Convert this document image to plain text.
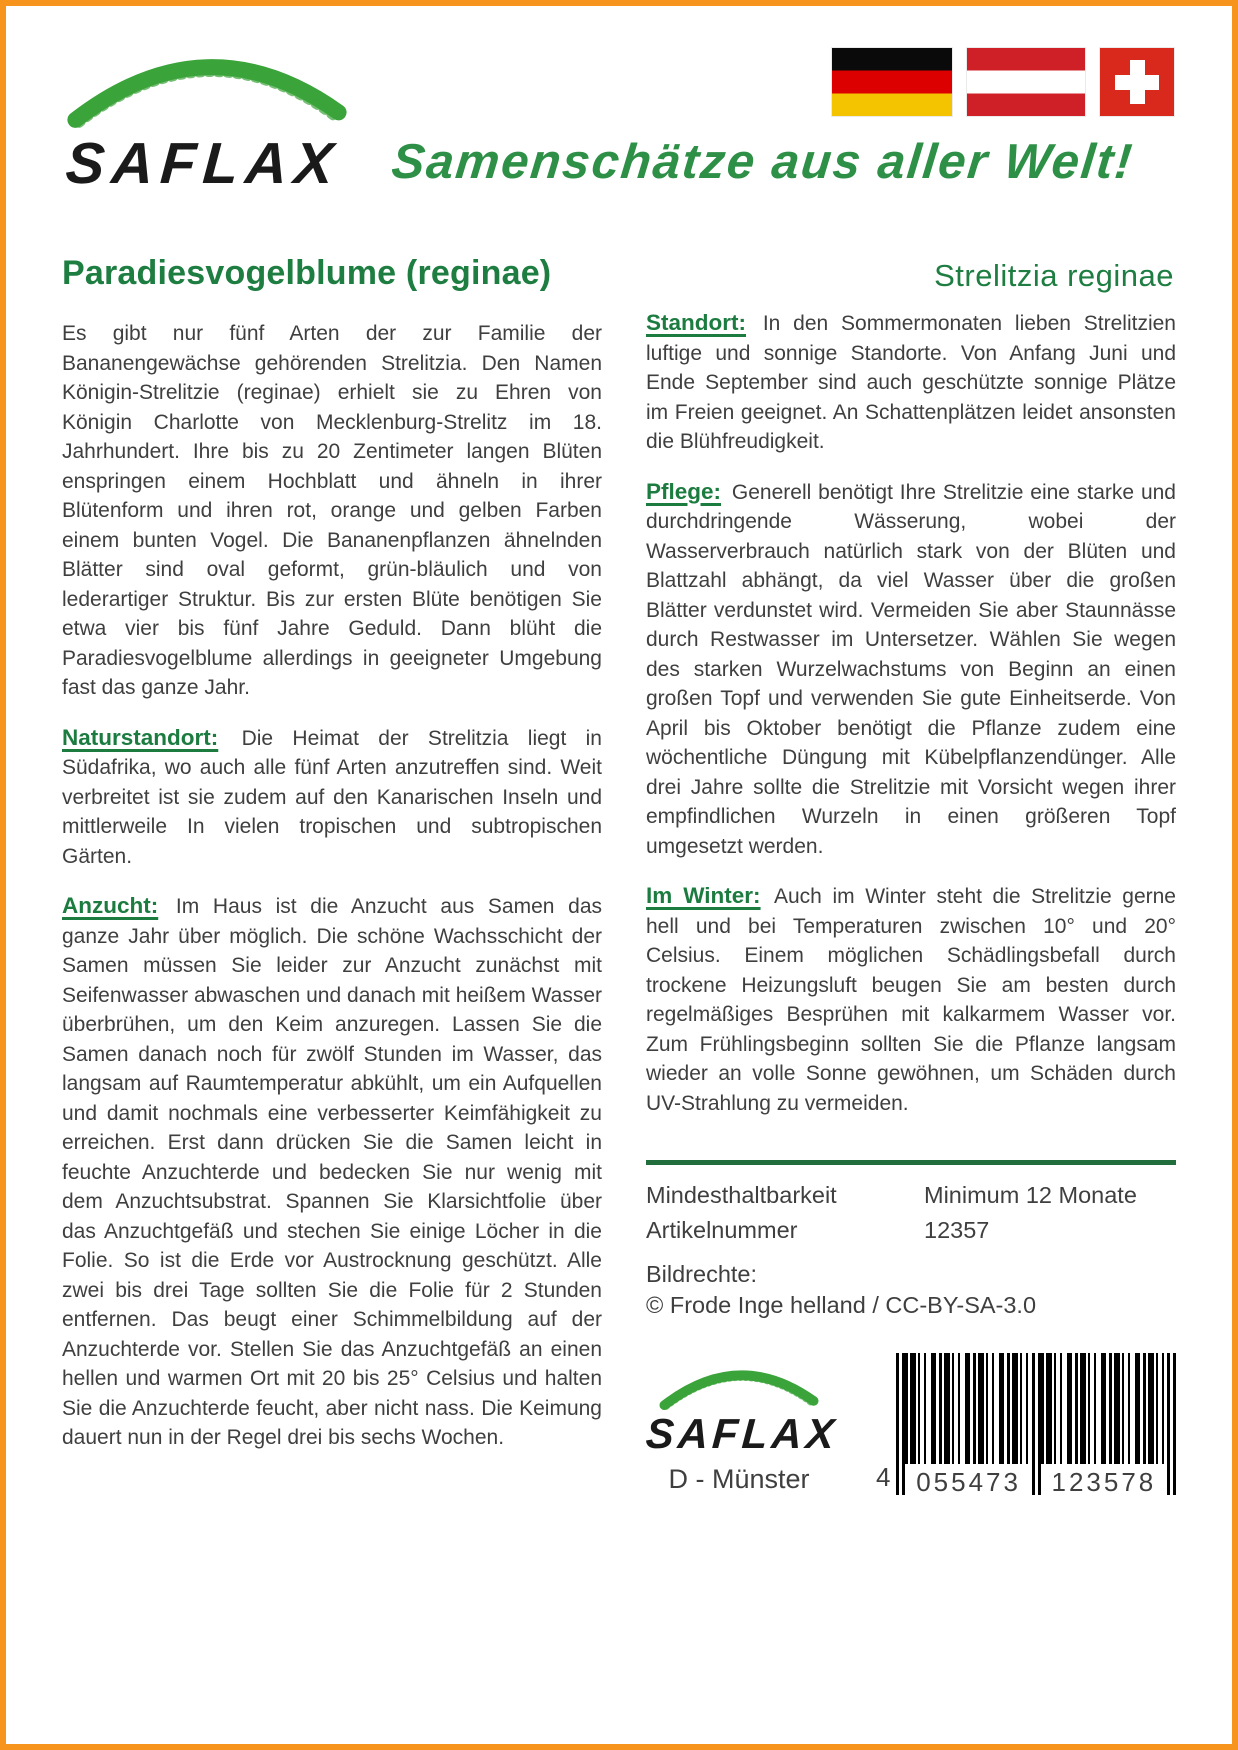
SAFLAX Samenschätze aus aller Welt!
Paradiesvogelblume (reginae)

Es gibt nur fünf Arten der zur Familie der Bananengewächse gehörenden Strelitzia. Den Namen Königin-Strelitzie (reginae) erhielt sie zu Ehren von Königin Charlotte von Mecklenburg-Strelitz im 18. Jahrhundert. Ihre bis zu 20 Zentimeter langen Blüten enspringen einem Hochblatt und ähneln in ihrer Blütenform und ihren rot, orange und gelben Farben einem bunten Vogel. Die Bananenpflanzen ähnelnden Blätter sind oval geformt, grün-bläulich und von lederartiger Struktur. Bis zur ersten Blüte benötigen Sie etwa vier bis fünf Jahre Geduld. Dann blüht die Paradiesvogelblume allerdings in geeigneter Umgebung fast das ganze Jahr.

Naturstandort: Die Heimat der Strelitzia liegt in Südafrika, wo auch alle fünf Arten anzutreffen sind. Weit verbreitet ist sie zudem auf den Kanarischen Inseln und mittlerweile In vielen tropischen und subtropischen Gärten.

Anzucht: Im Haus ist die Anzucht aus Samen das ganze Jahr über möglich. Die schöne Wachsschicht der Samen müssen Sie leider zur Anzucht zunächst mit Seifenwasser abwaschen und danach mit heißem Wasser überbrühen, um den Keim anzuregen. Lassen Sie die Samen danach noch für zwölf Stunden im Wasser, das langsam auf Raumtemperatur abkühlt, um ein Aufquellen und damit nochmals eine verbesserter Keimfähigkeit zu erreichen. Erst dann drücken Sie die Samen leicht in feuchte Anzuchterde und bedecken Sie nur wenig mit dem Anzuchtsubstrat. Spannen Sie Klarsichtfolie über das Anzuchtgefäß und stechen Sie einige Löcher in die Folie. So ist die Erde vor Austrocknung geschützt. Alle zwei bis drei Tage sollten Sie die Folie für 2 Stunden entfernen. Das beugt einer Schimmelbildung auf der Anzuchterde vor. Stellen Sie das Anzuchtgefäß an einen hellen und warmen Ort mit 20 bis 25° Celsius und halten Sie die Anzuchterde feucht, aber nicht nass. Die Keimung dauert nun in der Regel drei bis sechs Wochen.

Strelitzia reginae

Standort: In den Sommermonaten lieben Strelitzien luftige und sonnige Standorte. Von Anfang Juni und Ende September sind auch geschützte sonnige Plätze im Freien geeignet. An Schattenplätzen leidet ansonsten die Blühfreudigkeit.

Pflege: Generell benötigt Ihre Strelitzie eine starke und durchdringende Wässerung, wobei der Wasserverbrauch natürlich stark von der Blüten und Blattzahl abhängt, da viel Wasser über die großen Blätter verdunstet wird. Vermeiden Sie aber Staunnässe durch Restwasser im Untersetzer. Wählen Sie wegen des starken Wurzelwachstums von Beginn an einen großen Topf und verwenden Sie gute Einheitserde. Von April bis Oktober benötigt die Pflanze zudem eine wöchentliche Düngung mit Kübelpflanzendünger. Alle drei Jahre sollte die Strelitzie mit Vorsicht wegen ihrer empfindlichen Wurzeln in einen größeren Topf umgesetzt werden.

Im Winter: Auch im Winter steht die Strelitzie gerne hell und bei Temperaturen zwischen 10° und 20° Celsius. Einem möglichen Schädlingsbefall durch trockene Heizungsluft beugen Sie am besten durch regelmäßiges Besprühen mit kalkarmem Wasser vor. Zum Frühlingsbeginn sollten Sie die Pflanze langsam wieder an volle Sonne gewöhnen, um Schäden durch UV-Strahlung zu vermeiden.

Mindesthaltbarkeit	Minimum 12 Monate
Artikelnummer	12357
Bildrechte:
© Frode Inge helland / CC-BY-SA-3.0
SAFLAX
D - Münster	4 055473	123578
